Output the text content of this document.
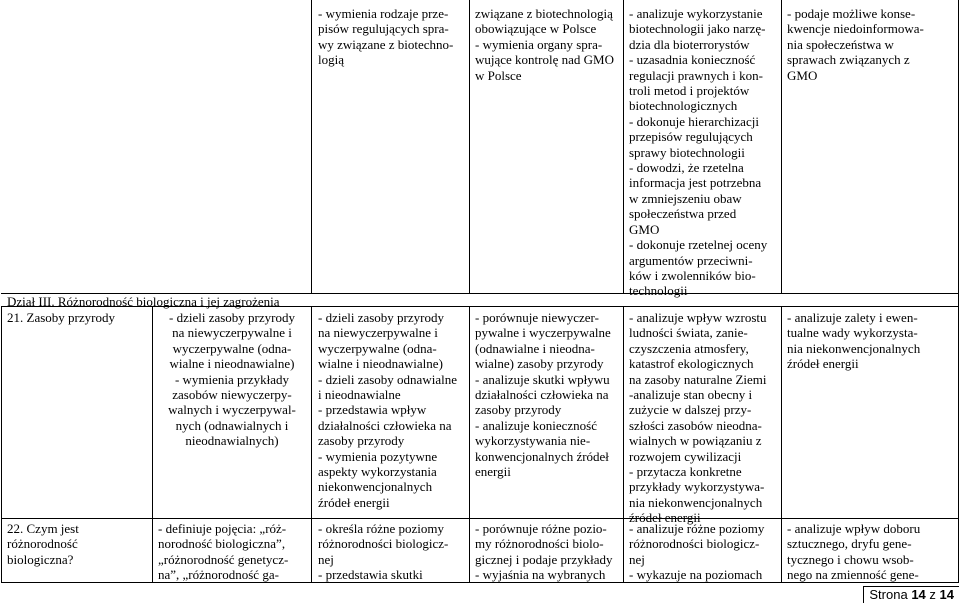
- wymienia rodzaje prze-
pisów regulujących spra-
wy związane z biotechno-
logią
związane z biotechnologią
obowiązujące w Polsce
- wymienia organy spra-
wujące kontrolę nad GMO
w Polsce
- analizuje wykorzystanie
biotechnologii jako narzę-
dzia dla bioterrorystów
- uzasadnia konieczność
regulacji prawnych i kon-
troli metod i projektów
biotechnologicznych
- dokonuje hierarchizacji
przepisów regulujących
sprawy biotechnologii
- dowodzi, że rzetelna
informacja jest potrzebna
w zmniejszeniu obaw
społeczeństwa przed
GMO
- dokonuje rzetelnej oceny
argumentów przeciwni-
ków i zwolenników bio-
technologii
- podaje możliwe konse-
kwencje niedoinformowa-
nia społeczeństwa w
sprawach związanych z
GMO
Dział III. Różnorodność biologiczna i jej zagrożenia
21. Zasoby przyrody	- dzieli zasoby przyrody
na niewyczerpywalne i
wyczerpywalne (odna-
wialne i nieodnawialne)
- wymienia przykłady
zasobów niewyczerpy-
walnych i wyczerpywal-
nych (odnawialnych i
nieodnawialnych)
- dzieli zasoby przyrody
na niewyczerpywalne i
wyczerpywalne (odna-
wialne i nieodnawialne)
- dzieli zasoby odnawialne
i nieodnawialne
- przedstawia wpływ
działalności człowieka na
zasoby przyrody
- wymienia pozytywne
aspekty wykorzystania
niekonwencjonalnych
źródeł energii
- porównuje niewyczer-
pywalne i wyczerpywalne
(odnawialne i nieodna-
wialne) zasoby przyrody
- analizuje skutki wpływu
działalności człowieka na
zasoby przyrody
- analizuje konieczność
wykorzystywania nie-
konwencjonalnych źródeł
energii
- analizuje wpływ wzrostu
ludności świata, zanie-
czyszczenia atmosfery,
katastrof ekologicznych
na zasoby naturalne Ziemi
-analizuje stan obecny i
zużycie w dalszej przy-
szłości zasobów nieodna-
wialnych w powiązaniu z
rozwojem cywilizacji
- przytacza konkretne
przykłady wykorzystywa-
nia niekonwencjonalnych
źródeł energii
- analizuje zalety i ewen-
tualne wady wykorzysta-
nia niekonwencjonalnych
źródeł energii
22. Czym jest
różnorodność
biologiczna?
- definiuje pojęcia: „róż-
norodność biologiczna”,
„różnorodność genetycz-
na”, „różnorodność ga-
- określa różne poziomy
różnorodności biologicz-
nej
- przedstawia skutki
- porównuje różne pozio-
my różnorodności biolo-
gicznej i podaje przykłady
- wyjaśnia na wybranych
- analizuje różne poziomy
różnorodności biologicz-
nej
- wykazuje na poziomach
- analizuje wpływ doboru
sztucznego, dryfu gene-
tycznego i chowu wsob-
nego na zmienność gene-
Strona 14 z 14
